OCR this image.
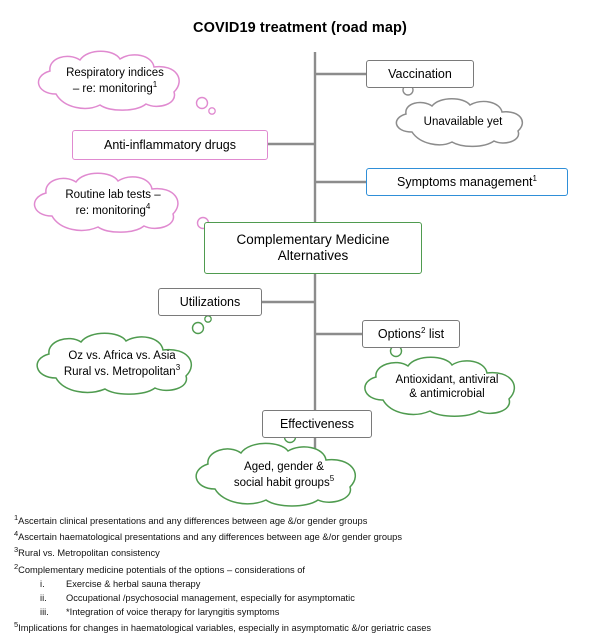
COVID19 treatment (road map)
Respiratory indices
– re: monitoring$^1$
Unavailable yet
Routine lab tests –
re: monitoring$^4$
Oz vs. Africa vs. Asia
Rural vs. Metropolitan$^3$
Antioxidant, antiviral
& antimicrobial
Aged, gender &
social habit groups$^5$
Vaccination
Anti-inflammatory drugs
Symptoms management$^1$
Complementary Medicine
Alternatives
Utilizations
Options$^2$ list
Effectiveness
$^1$Ascertain clinical presentations and any differences between age &/or gender groups
$^4$Ascertain haematological presentations and any differences between age &/or gender groups
$^3$Rural vs. Metropolitan consistency
$^2$Complementary medicine potentials of the options – considerations of
i.	Exercise & herbal sauna therapy
ii.	Occupational /psychosocial management, especially for asymptomatic
iii.	*Integration of voice therapy for laryngitis symptoms
$^5$Implications for changes in haematological variables, especially in asymptomatic &/or geriatric cases
